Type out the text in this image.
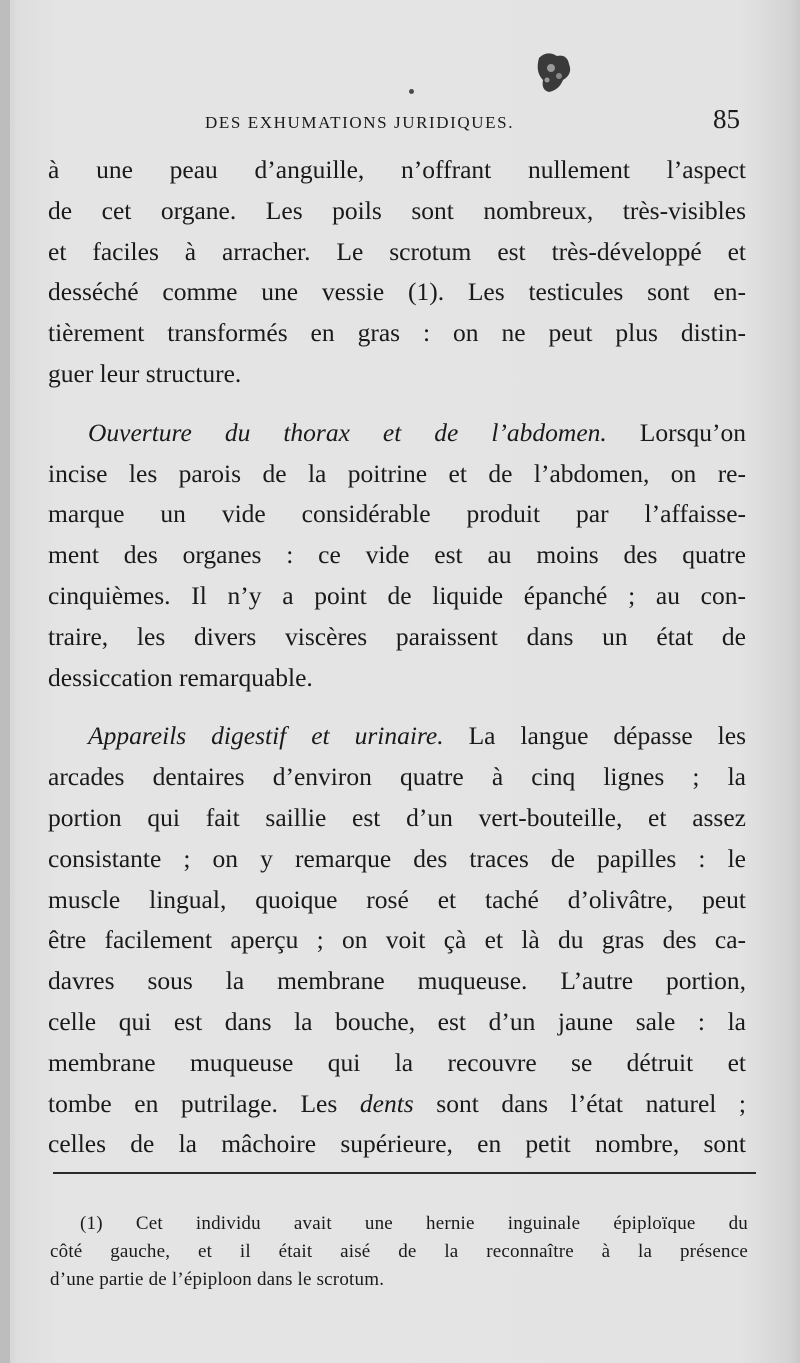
DES EXHUMATIONS JURIDIQUES.	85
à une peau d’anguille, n’offrant nullement l’aspect
de cet organe. Les poils sont nombreux, très-visibles
et faciles à arracher. Le scrotum est très-développé et
desséché comme une vessie (1). Les testicules sont en-
tièrement transformés en gras : on ne peut plus distin-
guer leur structure.
Ouverture du thorax et de l’abdomen. Lorsqu’on
incise les parois de la poitrine et de l’abdomen, on re-
marque un vide considérable produit par l’affaisse-
ment des organes : ce vide est au moins des quatre
cinquièmes. Il n’y a point de liquide épanché ; au con-
traire, les divers viscères paraissent dans un état de
dessiccation remarquable.
Appareils digestif et urinaire. La langue dépasse les
arcades dentaires d’environ quatre à cinq lignes ; la
portion qui fait saillie est d’un vert-bouteille, et assez
consistante ; on y remarque des traces de papilles : le
muscle lingual, quoique rosé et taché d’olivâtre, peut
être facilement aperçu ; on voit çà et là du gras des ca-
davres sous la membrane muqueuse. L’autre portion,
celle qui est dans la bouche, est d’un jaune sale : la
membrane muqueuse qui la recouvre se détruit et
tombe en putrilage. Les dents sont dans l’état naturel ;
celles de la mâchoire supérieure, en petit nombre, sont
(1) Cet individu avait une hernie inguinale épiploïque du
côté gauche, et il était aisé de la reconnaître à la présence
d’une partie de l’épiploon dans le scrotum.
